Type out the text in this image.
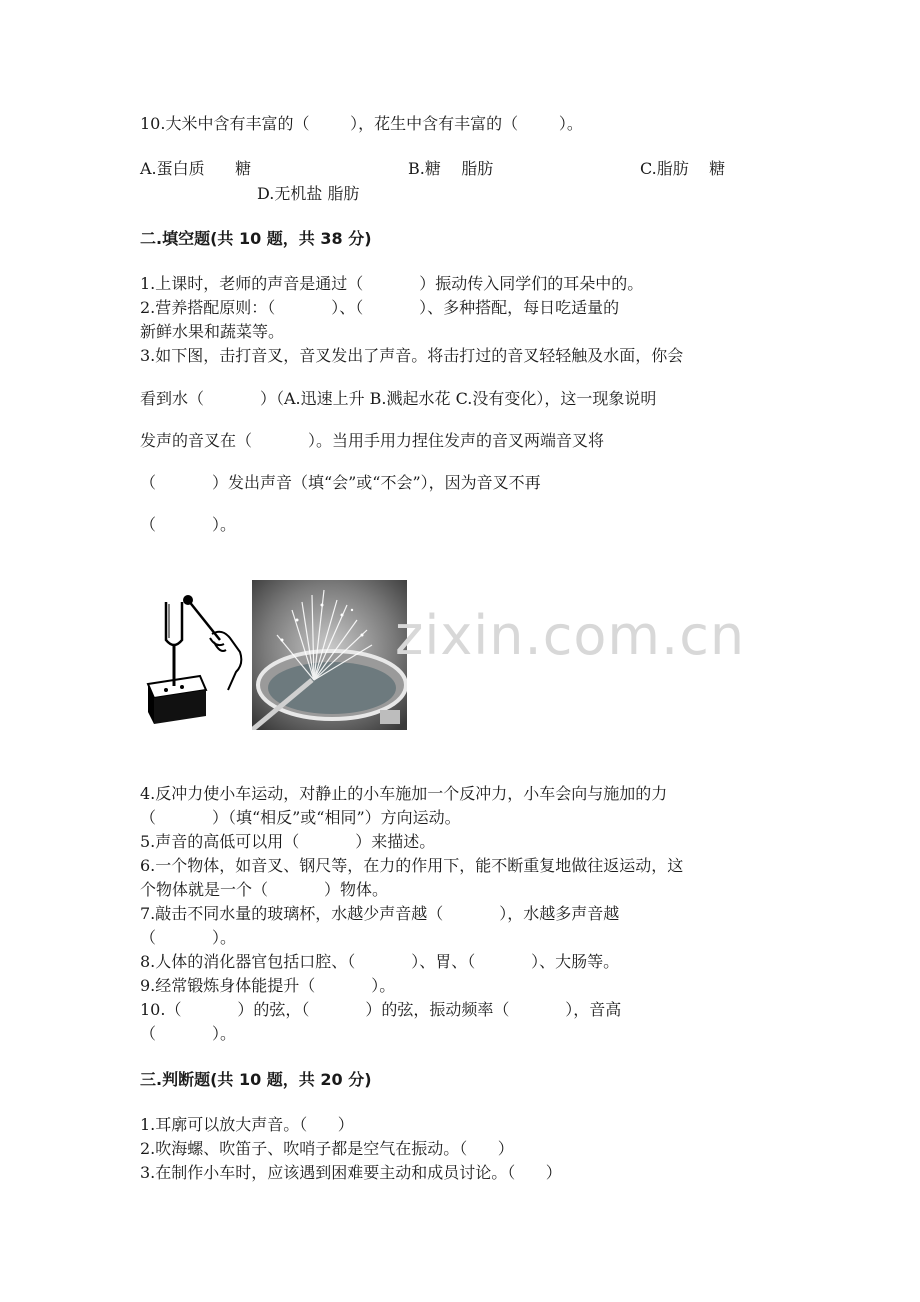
10.大米中含有丰富的（        ），花生中含有丰富的（        ）。
A.蛋白质      糖	B.糖    脂肪	C.脂肪    糖
D.无机盐 脂肪
二.填空题(共 10 题，共 38 分)
1.上课时，老师的声音是通过（           ）振动传入同学们的耳朵中的。
2.营养搭配原则：（           ）、（           ）、多种搭配，每日吃适量的
新鲜水果和蔬菜等。
3.如下图，击打音叉，音叉发出了声音。将击打过的音叉轻轻触及水面，你会
看到水（           ）（A.迅速上升 B.溅起水花 C.没有变化），这一现象说明
发声的音叉在（           ）。当用手用力捏住发声的音叉两端音叉将
（           ）发出声音（填“会”或“不会”），因为音叉不再
（           ）。
zixin.com.cn
4.反冲力使小车运动，对静止的小车施加一个反冲力，小车会向与施加的力
（           ）（填“相反”或“相同”）方向运动。
5.声音的高低可以用（           ）来描述。
6.一个物体，如音叉、钢尺等，在力的作用下，能不断重复地做往返运动，这
个物体就是一个（           ）物体。
7.敲击不同水量的玻璃杯，水越少声音越（           ），水越多声音越
（           ）。
8.人体的消化器官包括口腔、（           ）、胃、（           ）、大肠等。
9.经常锻炼身体能提升（           ）。
10.（           ）的弦，（           ）的弦，振动频率（           ），音高
（           ）。
三.判断题(共 10 题，共 20 分)
1.耳廓可以放大声音。（      ）
2.吹海螺、吹笛子、吹哨子都是空气在振动。（      ）
3.在制作小车时，应该遇到困难要主动和成员讨论。（      ）
